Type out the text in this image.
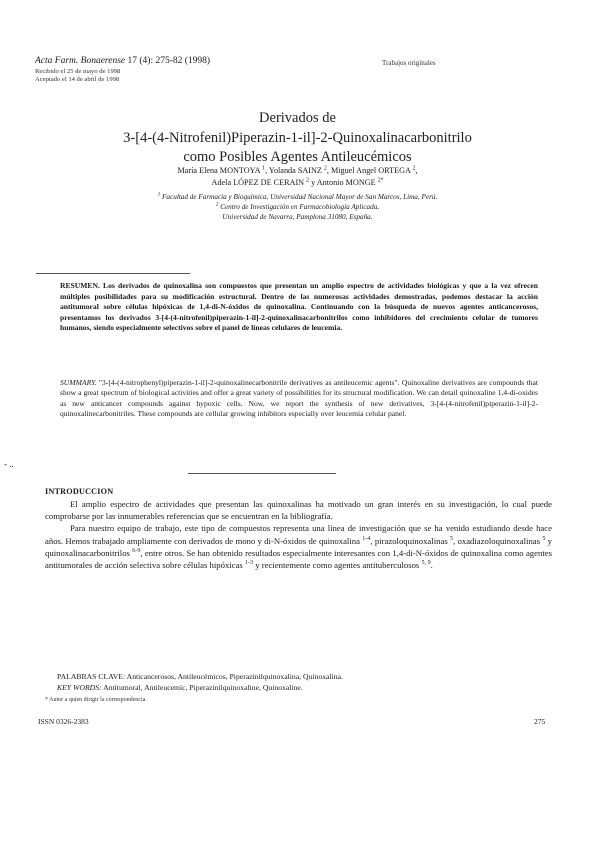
Acta Farm. Bonaerense 17 (4): 275-82 (1998)	Trabajos originales
Recibido el 25 de mayo de 1998
Aceptado el 14 de abril de 1998
Derivados de
3-[4-(4-Nitrofenil)Piperazin-1-il]-2-Quinoxalinacarbonitrilo
como Posibles Agentes Antileucémicos
María Elena MONTOYA $^1$, Yolanda SAINZ $^2$, Miguel Angel ORTEGA $^2$,
Adela LÓPEZ DE CERAIN $^2$ y Antonio MONGE $^{2*}$
$^1$ Facultad de Farmacia y Bioquímica, Universidad Nacional Mayor de San Marcos, Lima, Perú.
$^2$ Centro de Investigación en Farmacobiología Aplicada,
Universidad de Navarra, Pamplona 31080, España.
RESUMEN. Los derivados de quinoxalina son compuestos que presentan un amplio espectro de actividades biológicas y que a la vez ofrecen múltiples posibilidades para su modificación estructural. Dentro de las numerosas actividades demostradas, podemos destacar la acción antitumoral sobre células hipóxicas de 1,4-di-N-óxidos de quinoxalina. Continuando con la búsqueda de nuevos agentes anticancerosos, presentamos los derivados 3-[4-(4-nitrofenil)piperazin-1-il]-2-quinoxalinacarbonitrilos como inhibidores del crecimiento celular de tumores humanos, siendo especialmente selectivos sobre el panel de líneas celulares de leucemia.
SUMMARY. "3-[4-(4-nitrophenyl)piperazin-1-il]-2-quinoxalinecarbonitrile derivatives as antileucemic agents". Quinoxaline derivatives are compounds that show a great spectrum of biological activities and offer a great variety of possibilities for its structural modification. We can detail quinoxaline 1,4-di-oxides as new anticancer compounds against hypoxic cells. Now, we report the synthesis of new derivatives, 3-[4-(4-nitrofenil)piperazin-1-il]-2-quinoxalinecarbonitriles. These compounds are cellular growing inhibitors especially over leucemia celular panel.
- ..
INTRODUCCION

El amplio espectro de actividades que presentan las quinoxalinas ha motivado un gran interés en su investigación, lo cual puede comprobarse por las innumerables referencias que se encuentran en la bibliografía.

Para nuestro equipo de trabajo, este tipo de compuestos representa una línea de investigación que se ha venido estudiando desde hace años. Hemos trabajado ampliamente con derivados de mono y di-N-óxidos de quinoxalina $^{1-4}$, pirazoloquinoxalinas $^5$, oxadiazoloquinoxalinas $^5$ y quinoxalinacarbonitrilos $^{6-9}$, entre otros. Se han obtenido resultados especialmente interesantes con 1,4-di-N-óxidos de quinoxalina como agentes antitumorales de acción selectiva sobre células hipóxicas $^{1-3}$ y recientemente como agentes antituberculosos $^{5, 9}$.

PALABRAS CLAVE: Anticancerosos, Antileucémicos, Piperazinilquinoxalina, Quinoxalina.

KEY WORDS: Antitumoral, Antileucemic, Piperazinilquinoxaline, Quinoxaline.

* Autor a quien dirigir la correspondencia.
ISSN 0326-2383	275
